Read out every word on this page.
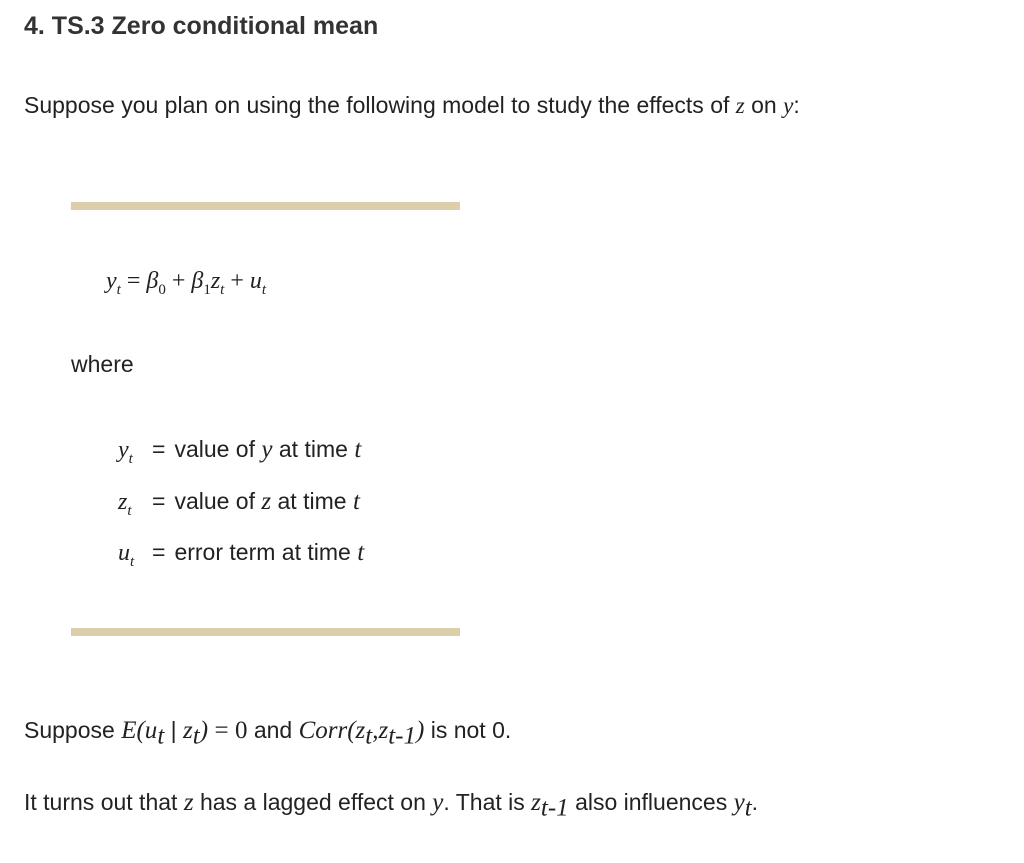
4. TS.3 Zero conditional mean
Suppose you plan on using the following model to study the effects of z on y:
$y_t = \beta_0 + \beta_1z_t + u_t$
where
$y_t$ = value of
y
at time
t
$z_t$ = value of
z
at time
t
$u_t$ = error term at time
t
Suppose $E(u_t$ | $z_t) = 0$ and $Corr(z_t,z_{t-1})$ is not 0.
It turns out that z has a lagged effect on y. That is $z_{t-1}$ also influences $y_t$.
